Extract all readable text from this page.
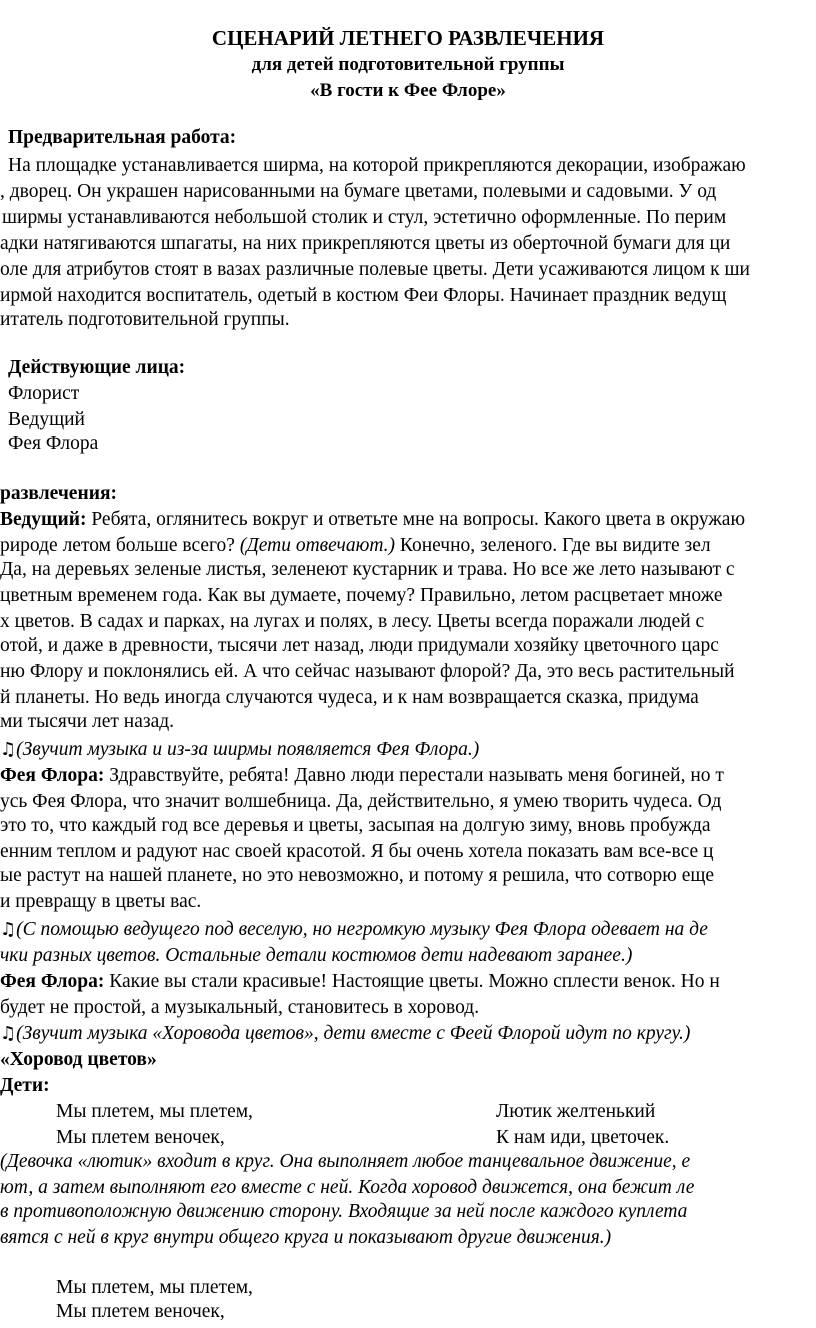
СЦЕНАРИЙ ЛЕТНЕГО РАЗВЛЕЧЕНИЯ
для детей подготовительной группы
«В гости к Фее Флоре»
Предварительная работа:
На площадке устанавливается ширма, на которой прикрепляются декорации, изображаю
, дворец. Он украшен нарисованными на бумаге цветами, полевыми и садовыми. У од
ширмы устанавливаются небольшой столик и стул, эстетично оформленные. По перим
адки натягиваются шпагаты, на них прикрепляются цветы из оберточной бумаги для ци
оле для атрибутов стоят в вазах различные полевые цветы. Дети усаживаются лицом к ши
ирмой находится воспитатель, одетый в костюм Феи Флоры. Начинает праздник ведущ
итатель подготовительной группы.
Действующие лица:
Флорист
Ведущий
Фея Флора
развлечения:
Ведущий: Ребята, оглянитесь вокруг и ответьте мне на вопросы. Какого цвета в окружаю
рироде летом больше всего? (Дети отвечают.) Конечно, зеленого. Где вы видите зел
Да, на деревьях зеленые листья, зеленеют кустарник и трава. Но все же лето называют с
цветным временем года. Как вы думаете, почему? Правильно, летом расцветает множе
х цветов. В садах и парках, на лугах и полях, в лесу. Цветы всегда поражали людей с
отой, и даже в древности, тысячи лет назад, люди придумали хозяйку цветочного царс
ню Флору и поклонялись ей. А что сейчас называют флорой? Да, это весь растительный
й планеты. Но ведь иногда случаются чудеса, и к нам возвращается сказка, придума
ми тысячи лет назад.
♫(Звучит музыка и из-за ширмы появляется Фея Флора.)
Фея Флора: Здравствуйте, ребята! Давно люди перестали называть меня богиней, но т
усь Фея Флора, что значит волшебница. Да, действительно, я умею творить чудеса. Од
это то, что каждый год все деревья и цветы, засыпая на долгую зиму, вновь пробужда
енним теплом и радуют нас своей красотой. Я бы очень хотела показать вам все-все ц
ые растут на нашей планете, но это невозможно, и потому я решила, что сотворю еще
и превращу в цветы вас.
♫(С помощью ведущего под веселую, но негромкую музыку Фея Флора одевает на де
чки разных цветов. Остальные детали костюмов дети надевают заранее.)
Фея Флора: Какие вы стали красивые! Настоящие цветы. Можно сплести венок. Но н
будет не простой, а музыкальный, становитесь в хоровод.
♫(Звучит музыка «Хоровода цветов», дети вместе с Феей Флорой идут по кругу.)
«Хоровод цветов»
Дети:
Мы плетем, мы плетем,	Лютик желтенький
Мы плетем веночек,	К нам иди, цветочек.
(Девочка «лютик» входит в круг. Она выполняет любое танцевальное движение, е
ют, а затем выполняют его вместе с ней. Когда хоровод движется, она бежит ле
в противоположную движению сторону. Входящие за ней после каждого куплета
вятся с ней в круг внутри общего круга и показывают другие движения.)
Мы плетем, мы плетем,
Мы плетем веночек,
